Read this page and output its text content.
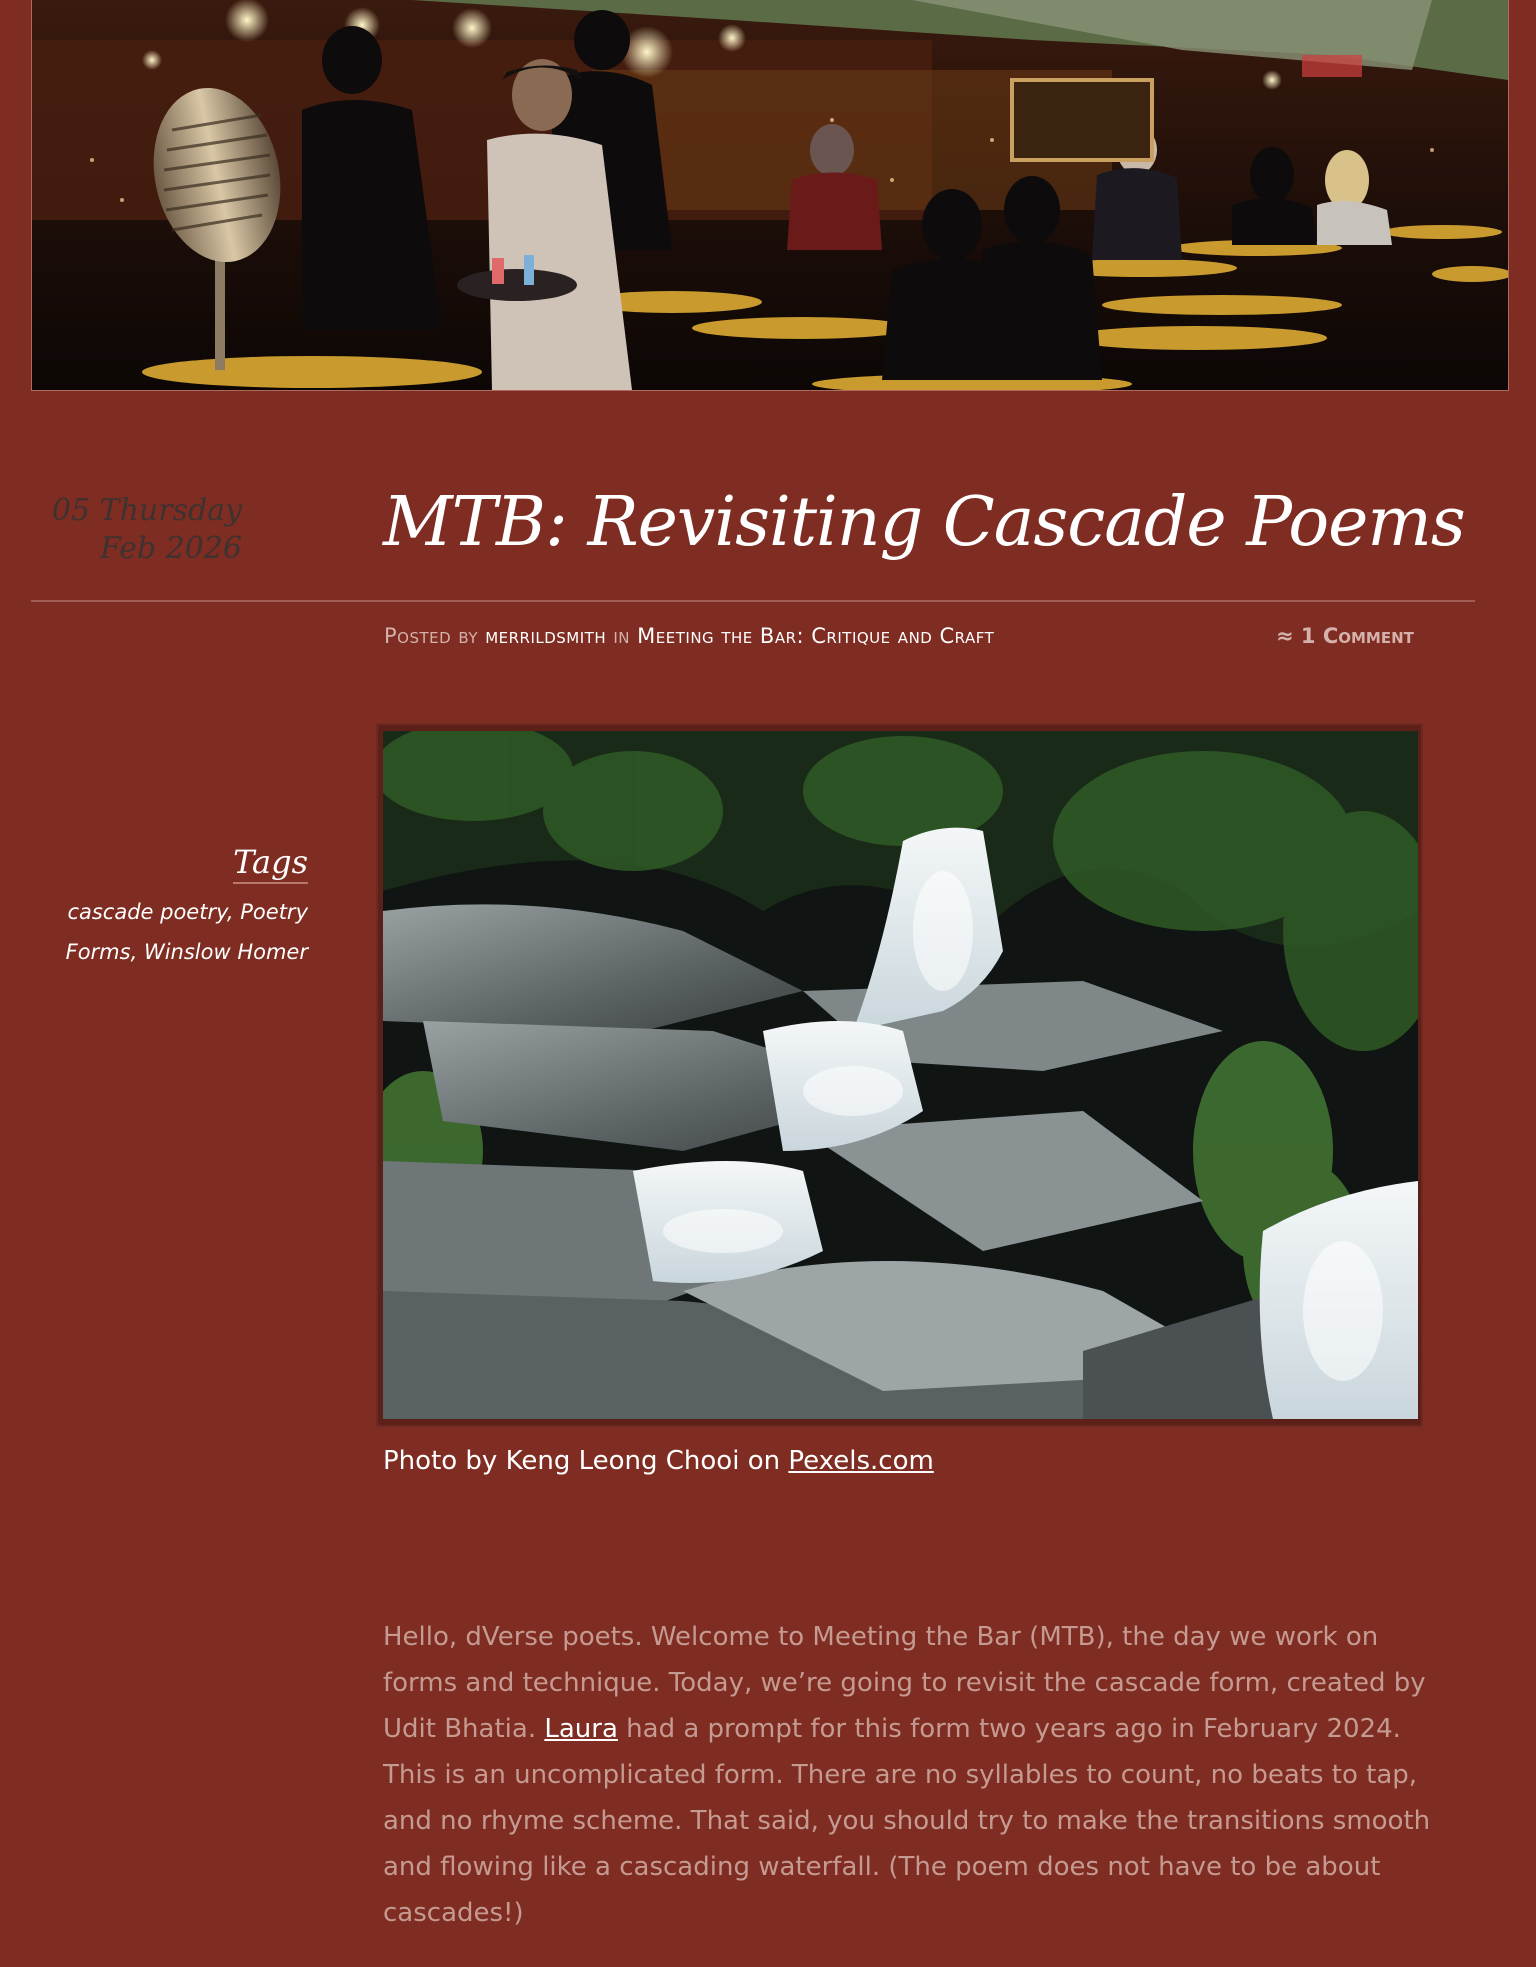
05 Thursday
Feb 2026 MTB: Revisiting Cascade Poems
Posted by merrildsmith in Meeting the Bar: Critique and Craft	≈ 1 Comment
Tags
cascade poetry, Poetry Forms, Winslow Homer
Photo by Keng Leong Chooi on Pexels.com

Hello, dVerse poets. Welcome to Meeting the Bar (MTB), the day we work on forms and technique. Today, we’re going to revisit the cascade form, created by Udit Bhatia. Laura had a prompt for this form two years ago in February 2024. This is an uncomplicated form. There are no syllables to count, no beats to tap, and no rhyme scheme. That said, you should try to make the transitions smooth and flowing like a cascading waterfall. (The poem does not have to be about cascades!)
